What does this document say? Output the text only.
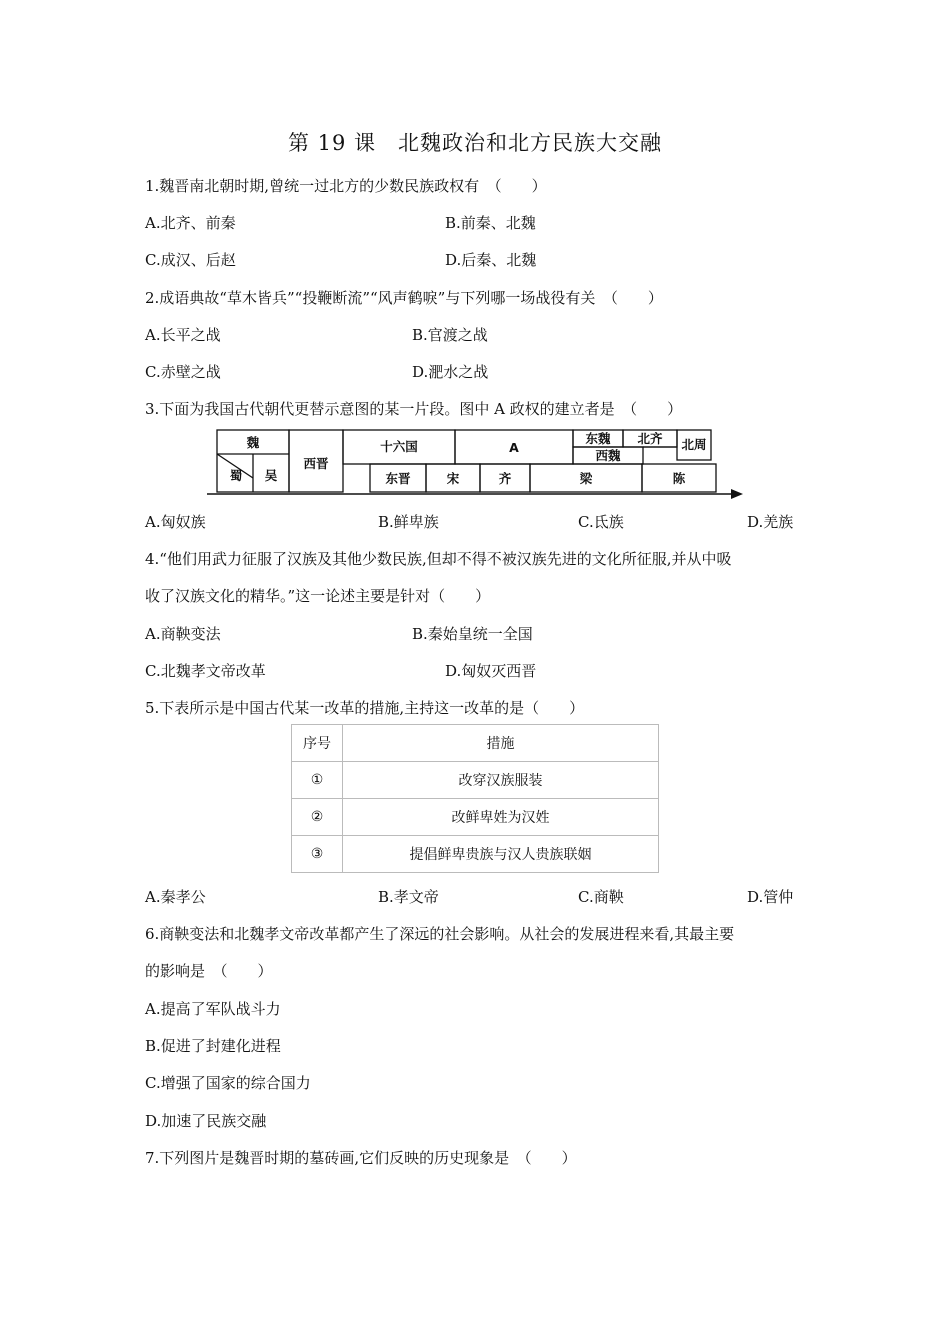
第 19 课　北魏政治和北方民族大交融
1.魏晋南北朝时期,曾统一过北方的少数民族政权有　（　　）
A.北齐、前秦	B.前秦、北魏
C.成汉、后赵	D.后秦、北魏
2.成语典故“草木皆兵”“投鞭断流”“风声鹤唳”与下列哪一场战役有关　（　　）
A.长平之战	B.官渡之战
C.赤壁之战	D.淝水之战
3.下面为我国古代朝代更替示意图的某一片段。图中 A 政权的建立者是　（　　）
魏
蜀 吴
西晋
十六国	A
东魏 北齐 北周
西魏
东晋	宋	齐	梁	陈
A.匈奴族	B.鲜卑族	C.氐族	D.羌族
4.“他们用武力征服了汉族及其他少数民族,但却不得不被汉族先进的文化所征服,并从中吸
收了汉族文化的精华。”这一论述主要是针对（　　）
A.商鞅变法	B.秦始皇统一全国
C.北魏孝文帝改革	D.匈奴灭西晋
5.下表所示是中国古代某一改革的措施,主持这一改革的是（　　）
序号	措施
①	改穿汉族服装
②	改鲜卑姓为汉姓
③	提倡鲜卑贵族与汉人贵族联姻
A.秦孝公	B.孝文帝	C.商鞅	D.管仲
6.商鞅变法和北魏孝文帝改革都产生了深远的社会影响。从社会的发展进程来看,其最主要
的影响是　（　　）
A.提高了军队战斗力
B.促进了封建化进程
C.增强了国家的综合国力
D.加速了民族交融
7.下列图片是魏晋时期的墓砖画,它们反映的历史现象是　（　　）
